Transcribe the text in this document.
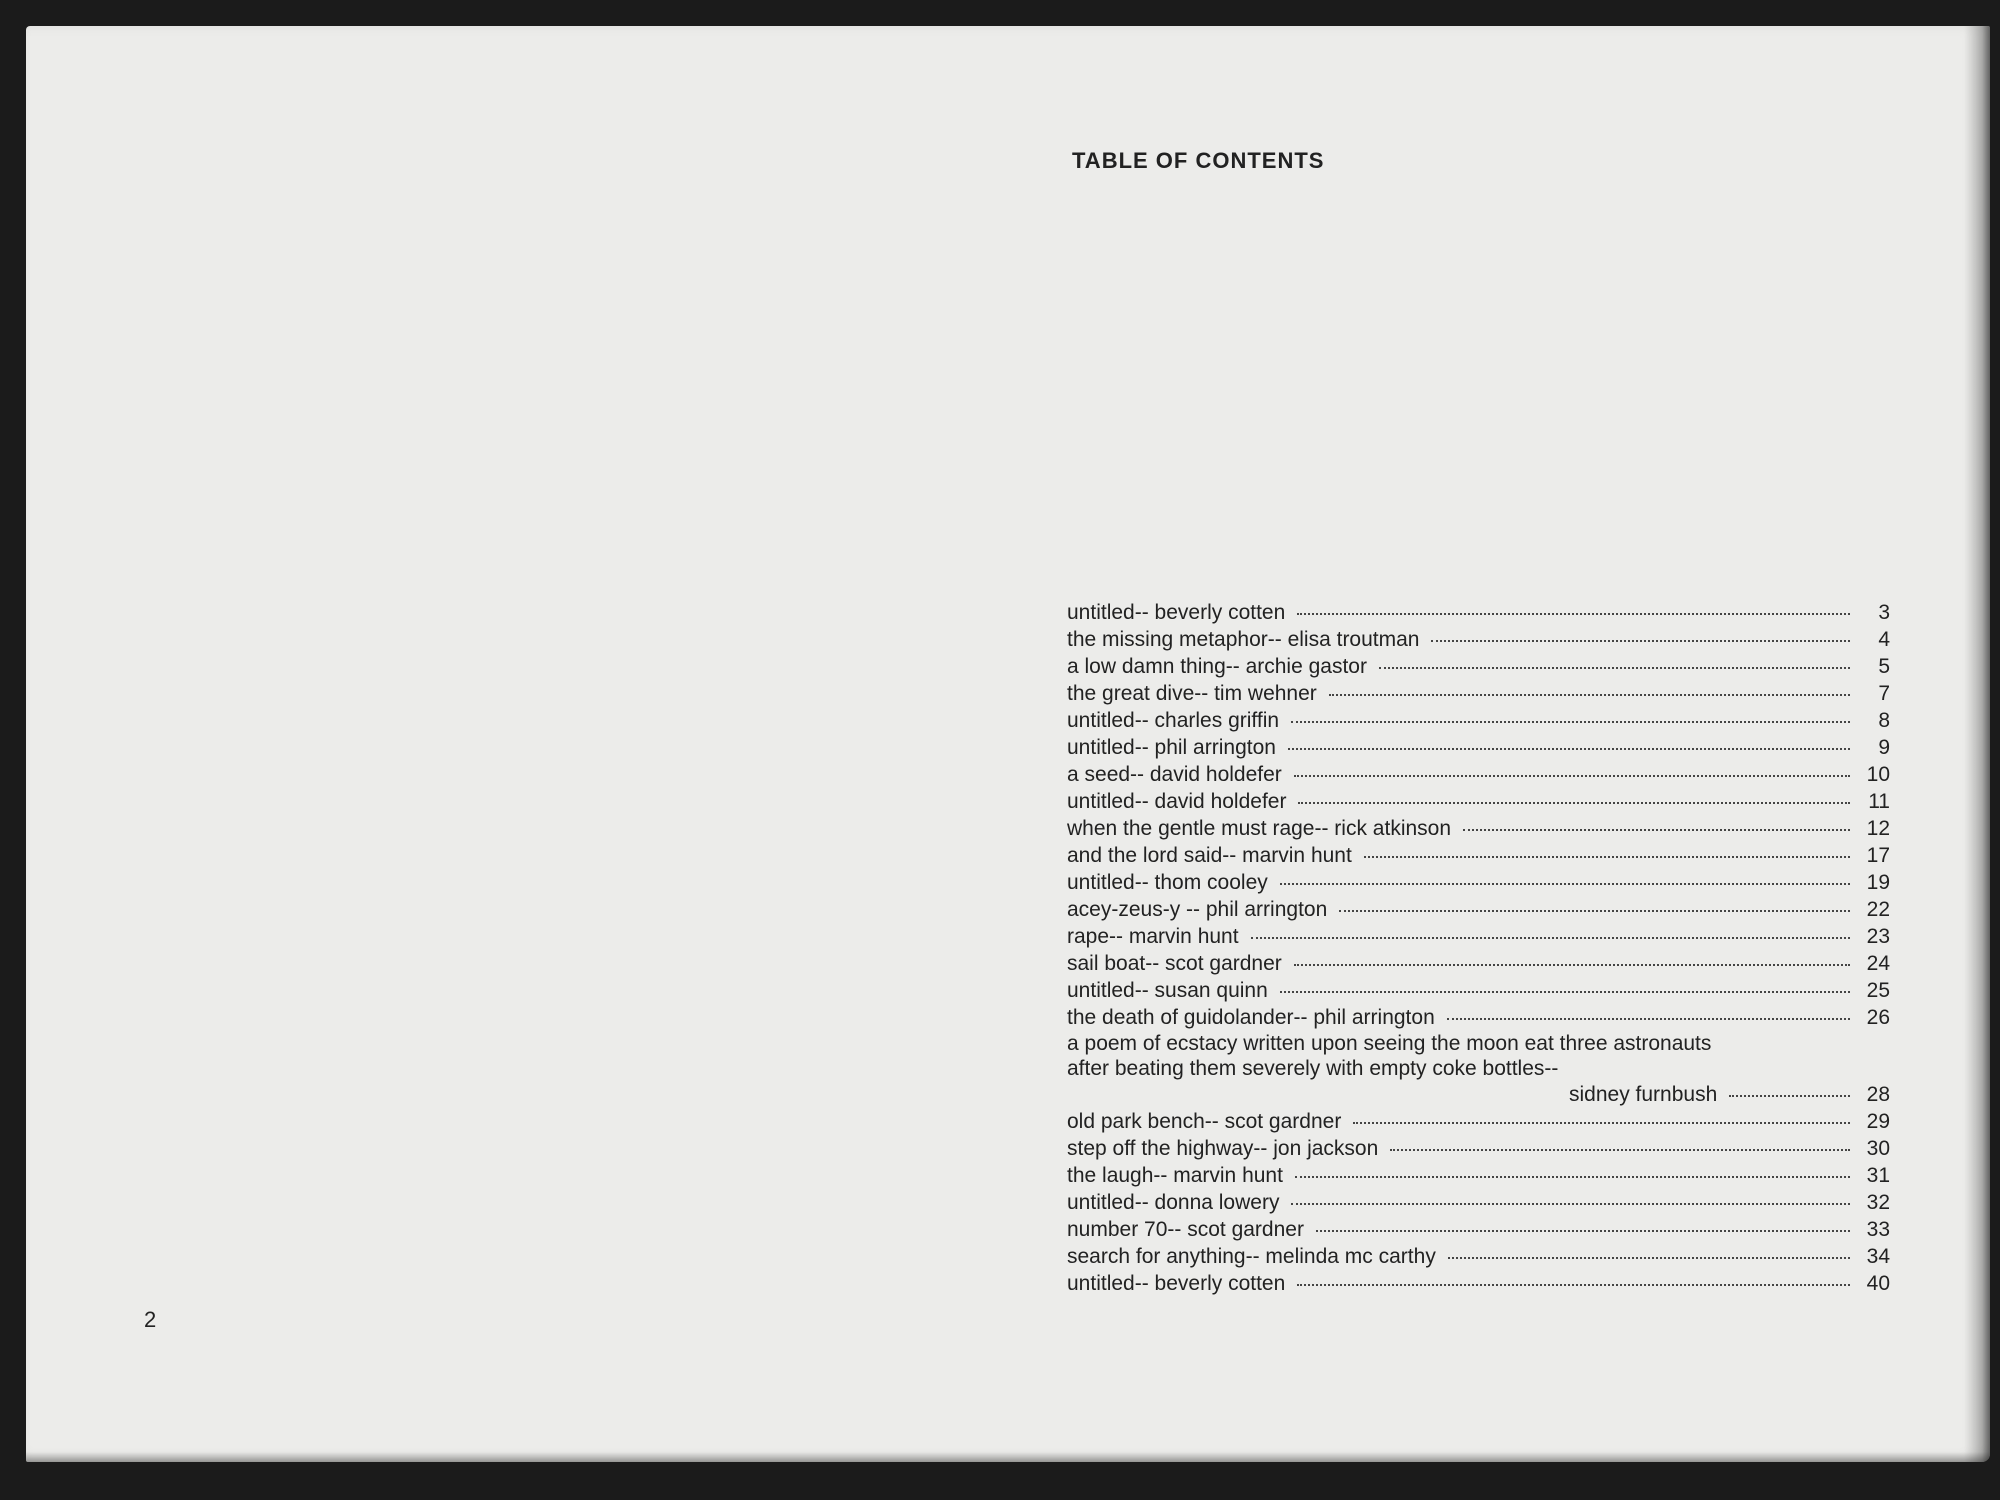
TABLE OF CONTENTS
untitled-- beverly cotten	3
the missing metaphor-- elisa troutman	4
a low damn thing-- archie gastor	5
the great dive-- tim wehner	7
untitled-- charles griffin	8
untitled-- phil arrington	9
a seed-- david holdefer	10
untitled-- david holdefer	11
when the gentle must rage-- rick atkinson	12
and the lord said-- marvin hunt	17
untitled-- thom cooley	19
acey-zeus-y -- phil arrington	22
rape-- marvin hunt	23
sail boat-- scot gardner	24
untitled-- susan quinn	25
the death of guidolander-- phil arrington	26
a poem of ecstacy written upon seeing the moon eat three astronauts
after beating them severely with empty coke bottles--
sidney furnbush	28
old park bench-- scot gardner	29
step off the highway-- jon jackson	30
the laugh-- marvin hunt	31
untitled-- donna lowery	32
number 70-- scot gardner	33
search for anything-- melinda mc carthy	34
untitled-- beverly cotten	40
2
